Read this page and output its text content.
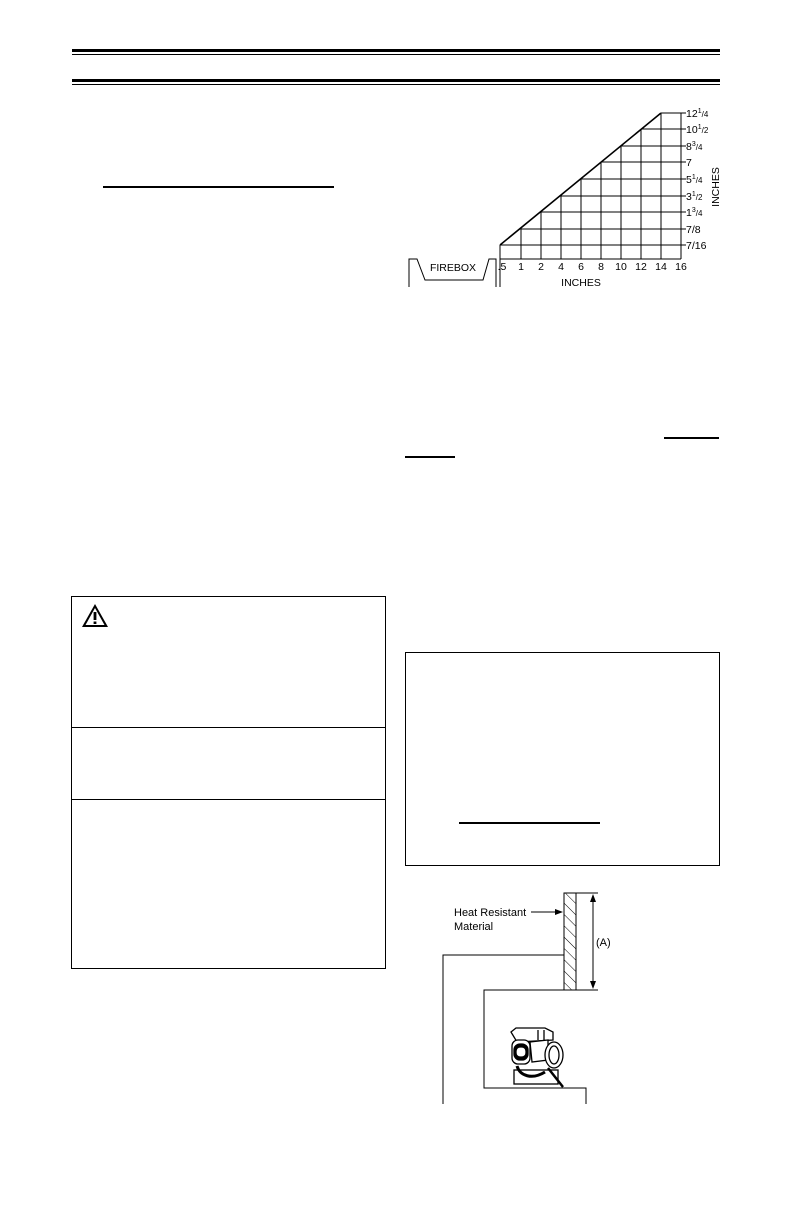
FIREBOX .5 1 2 4 6 8 10 12 14 16
$12^1_{/4}$
$10^1_{/2}$
$8^3_{/4}$
7
$5^1_{/4}$
$3^1_{/2}$
$1^3_{/4}$
7/8
7/16
INCHES
INCHES
(A)
Heat Resistant
Material
